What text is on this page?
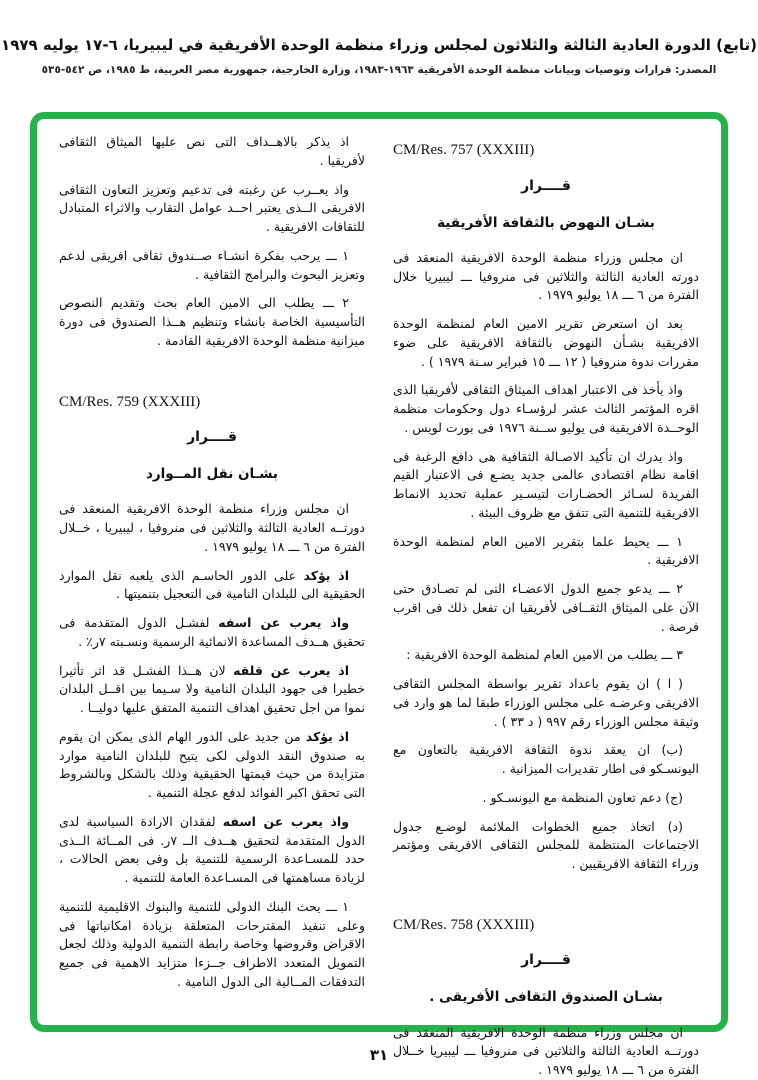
(تابع) الدورة العادية الثالثة والثلاثون لمجلس وزراء منظمة الوحدة الأفريقية في ليبيريا، ٦-١٧ يوليه ١٩٧٩
المصدر: قرارات وتوصيات وبيانات منظمة الوحدة الأفريقية ١٩٦٣-١٩٨٣، وزارة الخارجية، جمهورية مصر العربية، ط ١٩٨٥، ص ٥٤٢-٥٣٥
CM/Res. 757 (XXXIII)
قــــرار
بشـان النهوض بالثقافة الأفريقية

ان مجلس وزراء منظمة الوحدة الافريقية المنعقد فى دورته العادية الثالثة والثلاثين فى منروفيا ـــ ليبيريا خلال الفترة من ٦ ـــ ١٨ يوليو ١٩٧٩ .

بعد ان استعرض تقرير الامين العام لمنظمة الوحدة الافريقية بشـأن النهوض بالثقافة الافريقية على ضوء مقررات ندوة منروفيا ( ١٢ ـــ ١٥ فبراير سـنة ١٩٧٩ ) .

واذ يأخذ فى الاعتبار اهداف الميثاق الثقافى لأفريقيا الذى اقره المؤتمر الثالث عشر لرؤسـاء دول وحكومات منظمة الوحــدة الافريقية فى يوليو ســنة ١٩٧٦ فى بورت لويس .

واذ يدرك ان تأكيد الاصـالة الثقافية هى دافع الرغبة فى اقامة نظام اقتصادى عالمى جديد يضـع فى الاعتبار القيم الفريدة لسـائر الحضـارات لتيسـير عملية تحديد الانماط الافريقية للتنمية التى تتفق مع ظروف البيئة .

١ ـــ يحيط علما بتقرير الامين العام لمنظمة الوحدة الافريقية .

٢ ـــ يدعو جميع الدول الاعضـاء التى لم تصـادق حتى الآن على الميثاق الثقــافى لأفريقيا ان تفعل ذلك فى اقرب فرصة .

٣ ـــ يطلب من الامين العام لمنظمة الوحدة الافريقية :

( ا ) ان يقوم باعداد تقرير بواسطة المجلس الثقافى الافريقى وعرضـه على مجلس الوزراء طبقا لما هو وارد فى وثيقة مجلس الوزراء رقم ٩٩٧ ( د ٣٣ ) .

(ب) ان يعقد ندوة الثقافة الافريقية بالتعاون مع اليونسـكو فى اطار تقديرات الميزانية .

(ج) دعم تعاون المنظمة مع اليونسـكو .

(د) اتخاذ جميع الخطوات الملائمة لوضـع جدول الاجتماعات المنتظمة للمجلس الثقافى الافريقى ومؤتمر وزراء الثقافة الافريقيين .

CM/Res. 758 (XXXIII)
قــــرار
بشـان الصندوق الثقافى الأفريقى .

ان مجلس وزراء منظمة الوحدة الافريقية المنعقد فى دورتــه العادية الثالثة والثلاثين فى منروفيا ـــ ليبيريا خــلال الفترة من ٦ ـــ ١٨ يوليو ١٩٧٩ .

اذ يذكر بالاهــداف التى نص عليها الميثاق الثقافى لأفريقيا .

واذ يعــرب عن رغبته فى تدعيم وتعزيز التعاون الثقافى الافريقى الــذى يعتبر احــد عوامل التقارب والاثراء المتبادل للثقافات الافريقية .

١ ـــ يرحب بفكرة انشـاء صــندوق ثقافى افريقى لدعم وتعزيز البحوث والبرامج الثقافية .

٢ ـــ يطلب الى الامين العام بحث وتقديم النصوص التأسيسية الخاصة بانشاء وتنظيم هــذا الصندوق فى دورة ميزانية منظمة الوحدة الافريقية القادمة .

CM/Res. 759 (XXXIII)
قــــرار
بشـان نقل المــوارد

ان مجلس وزراء منظمة الوحدة الافريقية المنعقد فى دورتــه العادية الثالثة والثلاثين فى منروفيا ، ليبيريا ، خــلال الفترة من ٦ ـــ ١٨ يوليو ١٩٧٩ .

اذ يؤكد على الدور الحاسـم الذى يلعبه نقل الموارد الحقيقية الى للبلدان النامية فى التعجيل بتنميتها .

واذ يعرب عن اسفه لفشـل الدول المتقدمة فى تحقيق هــدف المساعدة الانمائية الرسمية ونسـبته ٧ر٪ .

اذ يعرب عن قلقه لان هــذا الفشـل قد اثر تأثيرا خطيرا فى جهود البلدان النامية ولا سـيما بين اقــل البلدان نموا من اجل تحقيق اهداف التنمية المتفق عليها دوليــا .

اذ يؤكد من جديد على الدور الهام الذى يمكن ان يقوم به صندوق النقد الدولى لكى يتيح للبلدان النامية موارد متزايدة من حيث قيمتها الحقيقية وذلك بالشكل وبالشروط التى تحقق اكبر الفوائد لدفع عجلة التنمية .

واذ يعرب عن اسفه لفقدان الارادة السياسية لدى الدول المتقدمة لتحقيق هــدف الــ ٧ر. فى المــائة الــذى حدد للمسـاعدة الرسمية للتنمية بل وفى بعض الحالات ، لزيادة مساهمتها فى المسـاعدة العامة للتنمية .

١ ـــ يحث البنك الدولى للتنمية والبنوك الاقليمية للتنمية وعلى تنفيذ المقترحات المتعلقة بزيادة امكانياتها فى الاقراض وقروضها وخاصة رابطة التنمية الدولية وذلك لجعل التمويل المتعدد الاطراف جــزءا متزايد الاهمية فى جميع التدفقات المــالية الى الدول النامية .

٣١
